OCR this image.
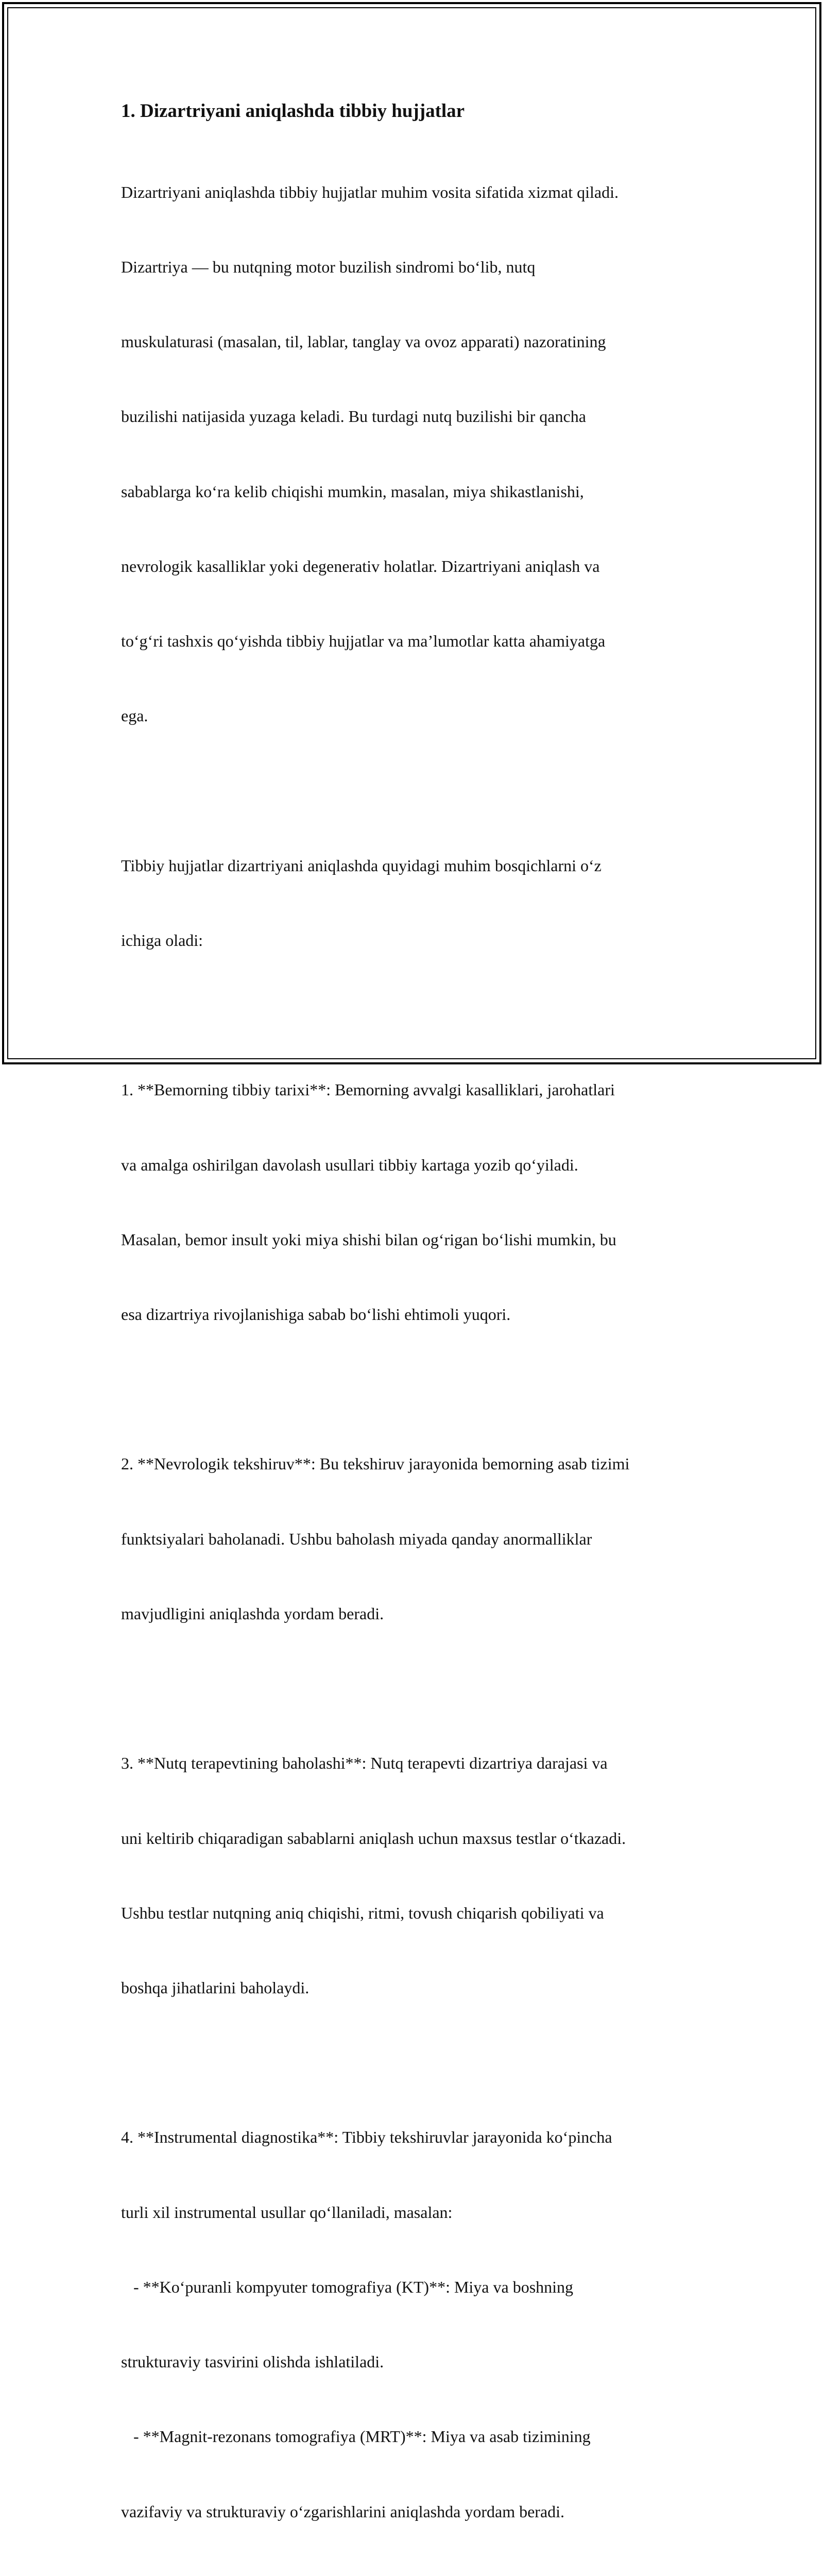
1. Dizartriyani aniqlashda tibbiy hujjatlar

Dizartriyani aniqlashda tibbiy hujjatlar muhim vosita sifatida xizmat qiladi.

Dizartriya — bu nutqning motor buzilish sindromi bo‘lib, nutq

muskulaturasi (masalan, til, lablar, tanglay va ovoz apparati) nazoratining

buzilishi natijasida yuzaga keladi. Bu turdagi nutq buzilishi bir qancha

sabablarga ko‘ra kelib chiqishi mumkin, masalan, miya shikastlanishi,

nevrologik kasalliklar yoki degenerativ holatlar. Dizartriyani aniqlash va

to‘g‘ri tashxis qo‘yishda tibbiy hujjatlar va ma’lumotlar katta ahamiyatga

ega.

Tibbiy hujjatlar dizartriyani aniqlashda quyidagi muhim bosqichlarni o‘z

ichiga oladi:

1. **Bemorning tibbiy tarixi**: Bemorning avvalgi kasalliklari, jarohatlari

va amalga oshirilgan davolash usullari tibbiy kartaga yozib qo‘yiladi.

Masalan, bemor insult yoki miya shishi bilan og‘rigan bo‘lishi mumkin, bu

esa dizartriya rivojlanishiga sabab bo‘lishi ehtimoli yuqori.

2. **Nevrologik tekshiruv**: Bu tekshiruv jarayonida bemorning asab tizimi

funktsiyalari baholanadi. Ushbu baholash miyada qanday anormalliklar

mavjudligini aniqlashda yordam beradi.

3. **Nutq terapevtining baholashi**: Nutq terapevti dizartriya darajasi va

uni keltirib chiqaradigan sabablarni aniqlash uchun maxsus testlar o‘tkazadi.

Ushbu testlar nutqning aniq chiqishi, ritmi, tovush chiqarish qobiliyati va

boshqa jihatlarini baholaydi.

4. **Instrumental diagnostika**: Tibbiy tekshiruvlar jarayonida ko‘pincha

turli xil instrumental usullar qo‘llaniladi, masalan:

- **Ko‘puranli kompyuter tomografiya (KT)**: Miya va boshning

strukturaviy tasvirini olishda ishlatiladi.

- **Magnit-rezonans tomografiya (MRT)**: Miya va asab tizimining

vazifaviy va strukturaviy o‘zgarishlarini aniqlashda yordam beradi.
